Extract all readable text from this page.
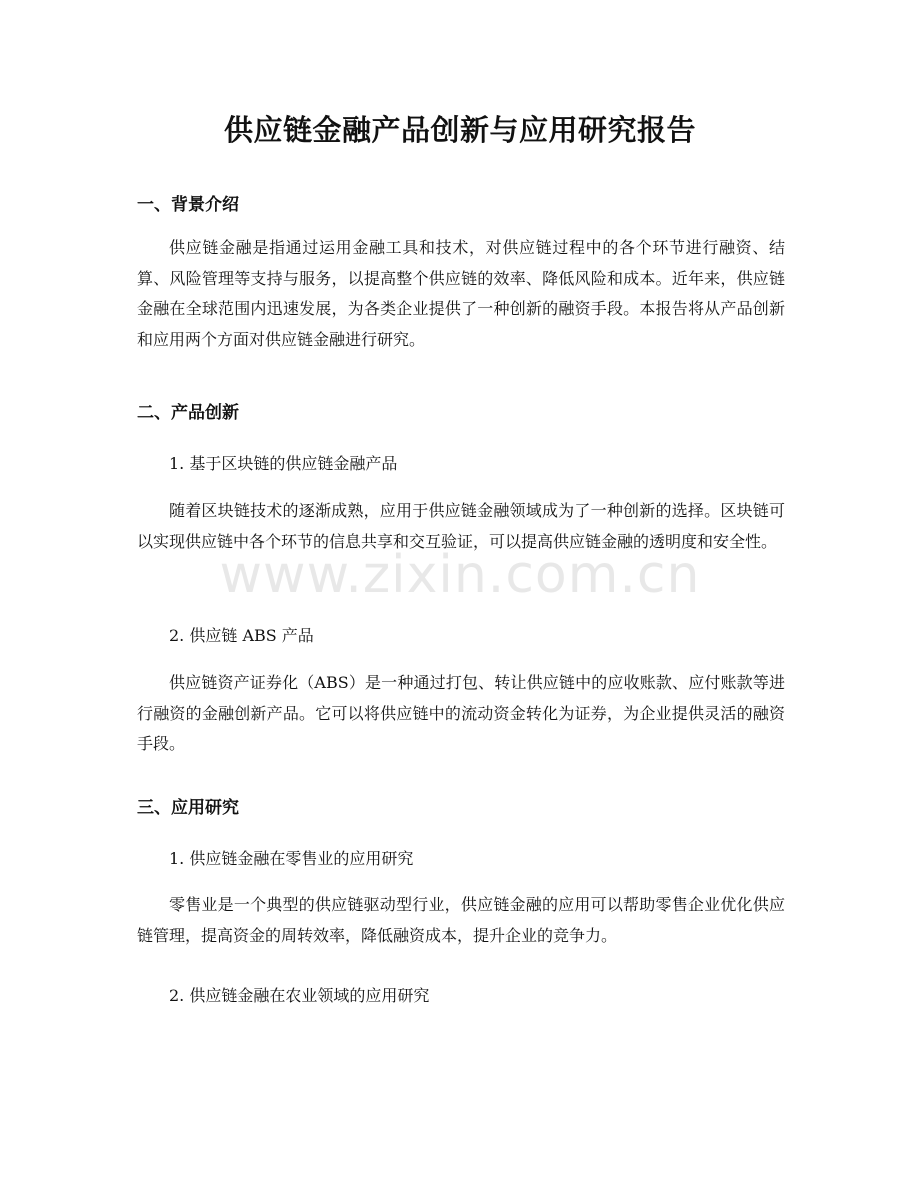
供应链金融产品创新与应用研究报告
一、背景介绍

供应链金融是指通过运用金融工具和技术，对供应链过程中的各个环节进行融资、结算、风险管理等支持与服务，以提高整个供应链的效率、降低风险和成本。近年来，供应链金融在全球范围内迅速发展，为各类企业提供了一种创新的融资手段。本报告将从产品创新和应用两个方面对供应链金融进行研究。

二、产品创新

1. 基于区块链的供应链金融产品

随着区块链技术的逐渐成熟，应用于供应链金融领域成为了一种创新的选择。区块链可以实现供应链中各个环节的信息共享和交互验证，可以提高供应链金融的透明度和安全性。

2. 供应链 ABS 产品

供应链资产证券化（ABS）是一种通过打包、转让供应链中的应收账款、应付账款等进行融资的金融创新产品。它可以将供应链中的流动资金转化为证券，为企业提供灵活的融资手段。

三、应用研究

1. 供应链金融在零售业的应用研究

零售业是一个典型的供应链驱动型行业，供应链金融的应用可以帮助零售企业优化供应链管理，提高资金的周转效率，降低融资成本，提升企业的竞争力。

2. 供应链金融在农业领域的应用研究

www.zixin.com.cn
